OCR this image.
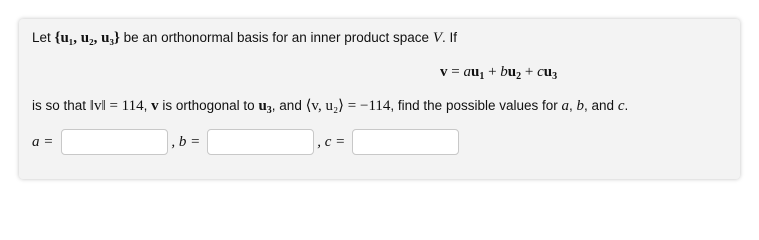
Let {u₁, u₂, u₃} be an orthonormal basis for an inner product space V. If
$v = au_1 + bu_2 + cu_3$
is so that ‖v‖ = 114, v is orthogonal to $u_3$, and ⟨v, u₂⟩ = −114, find the possible values for a, b, and c.
a =	, b =	, c =
